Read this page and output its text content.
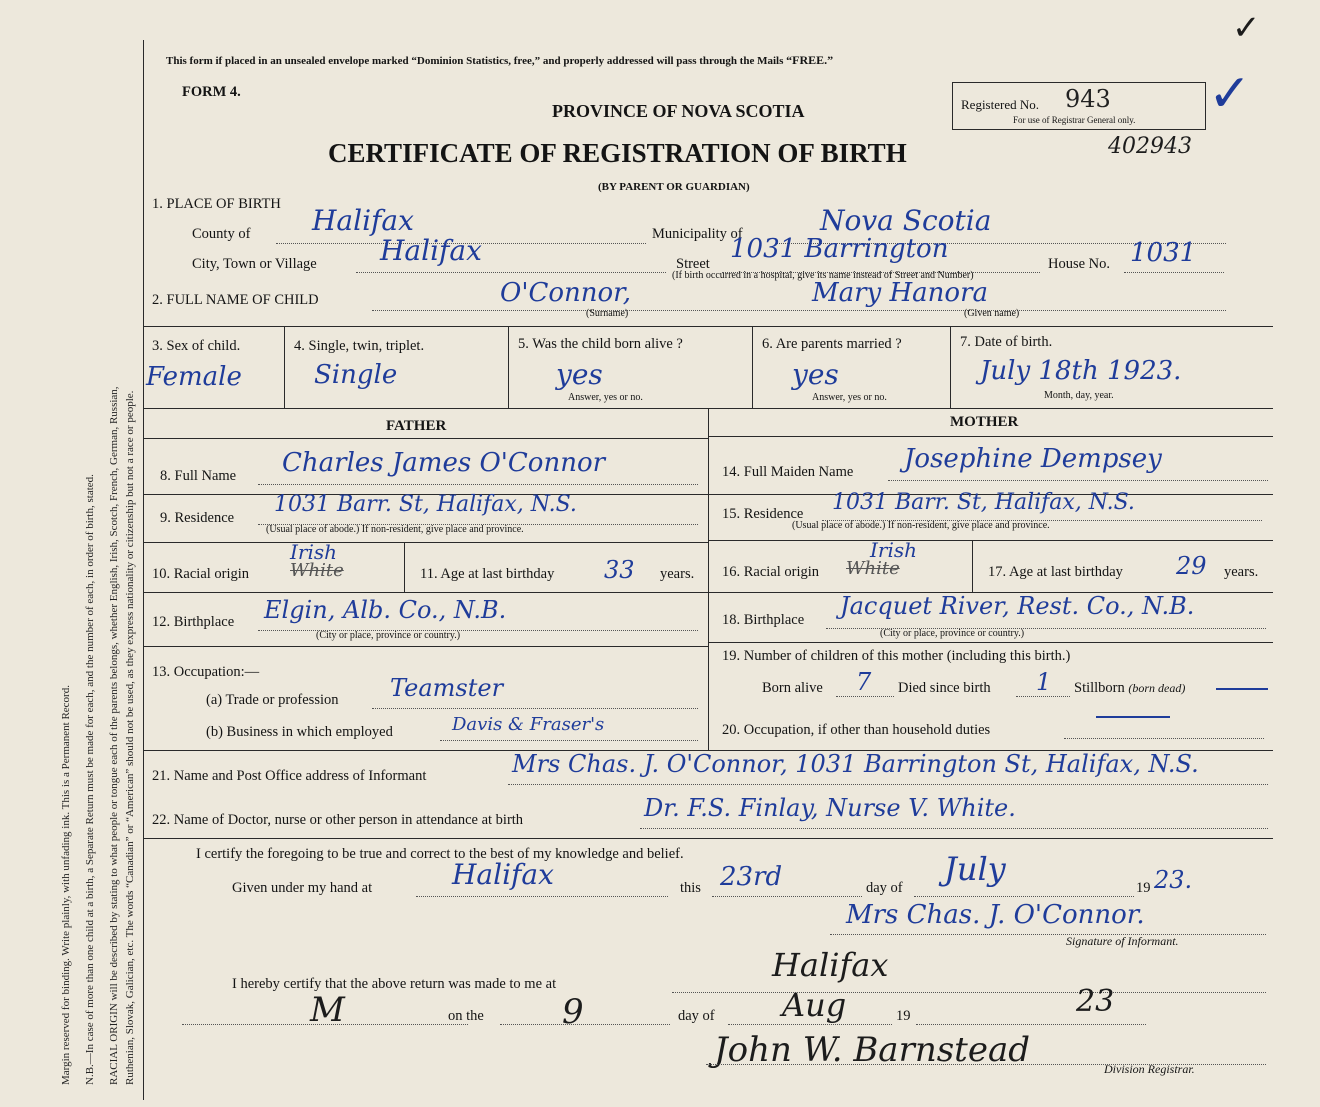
Margin reserved for binding. Write plainly, with unfading ink. This is a Permanent Record. N.B.—In case of more than one child at a birth, a Separate Return must be made for each, and the number of each, in order of birth, stated. RACIAL ORIGIN will be described by stating to what people or tongue each of the parents belongs, whether English, Irish, Scotch, French, German, Russian, Ruthenian, Slovak, Galician, etc. The words “Canadian” or “American” should not be used, as they express nationality or citizenship but not a race or people.
This form if placed in an unsealed envelope marked “Dominion Statistics, free,” and properly addressed will pass through the Mails “FREE.”
✓
FORM 4.
PROVINCE OF NOVA SCOTIA	Registered No. 943
For use of Registrar General only. ✓
CERTIFICATE OF REGISTRATION OF BIRTH	402943
(BY PARENT OR GUARDIAN)
1. PLACE OF BIRTH
County of Halifax	Municipality of	Nova Scotia
City, Town or Village Halifax	Street 1031 Barrington	House No. 1031
(If birth occurred in a hospital, give its name instead of Street and Number)
2. FULL NAME OF CHILD	O'Connor,
(Surname)
Mary Hanora
(Given name)
3. Sex of child.
Female
4. Single, twin, triplet.
Single
5. Was the child born alive ?
yes
Answer, yes or no.
6. Are parents married ?
yes
Answer, yes or no.
7. Date of birth.
July 18th 1923.
Month, day, year.
FATHER	MOTHER
8. Full Name Charles James O'Connor	14. Full Maiden Name Josephine Dempsey
9. Residence
1031 Barr. St, Halifax, N.S.
(Usual place of abode.) If non-resident, give place and province.
15. Residence 1031 Barr. St, Halifax, N.S.
(Usual place of abode.) If non-resident, give place and province.
10. Racial origin
Irish
White	11. Age at last birthday 33 years. 16. Racial origin
Irish
White	17. Age at last birthday 29 years.
12. Birthplace Elgin, Alb. Co., N.B.
(City or place, province or country.)
18. Birthplace Jacquet River, Rest. Co., N.B.
(City or place, province or country.)
13. Occupation:—
(a) Trade or profession Teamster
(b) Business in which employed	Davis & Fraser's
19. Number of children of this mother (including this birth.)
Born alive 7 Died since birth 1 Stillborn (born dead)
20. Occupation, if other than household duties
21. Name and Post Office address of Informant	Mrs Chas. J. O'Connor, 1031 Barrington St, Halifax, N.S.
22. Name of Doctor, nurse or other person in attendance at birth	Dr. F.S. Finlay, Nurse V. White.
I certify the foregoing to be true and correct to the best of my knowledge and belief.
Given under my hand at	Halifax	this 23rd	day of July	19 23.
Mrs Chas. J. O'Connor.
Signature of Informant.
I hereby certify that the above return was made to me at	Halifax
M	on the 9	day of Aug	19	23
John W. Barnstead	Division Registrar.
